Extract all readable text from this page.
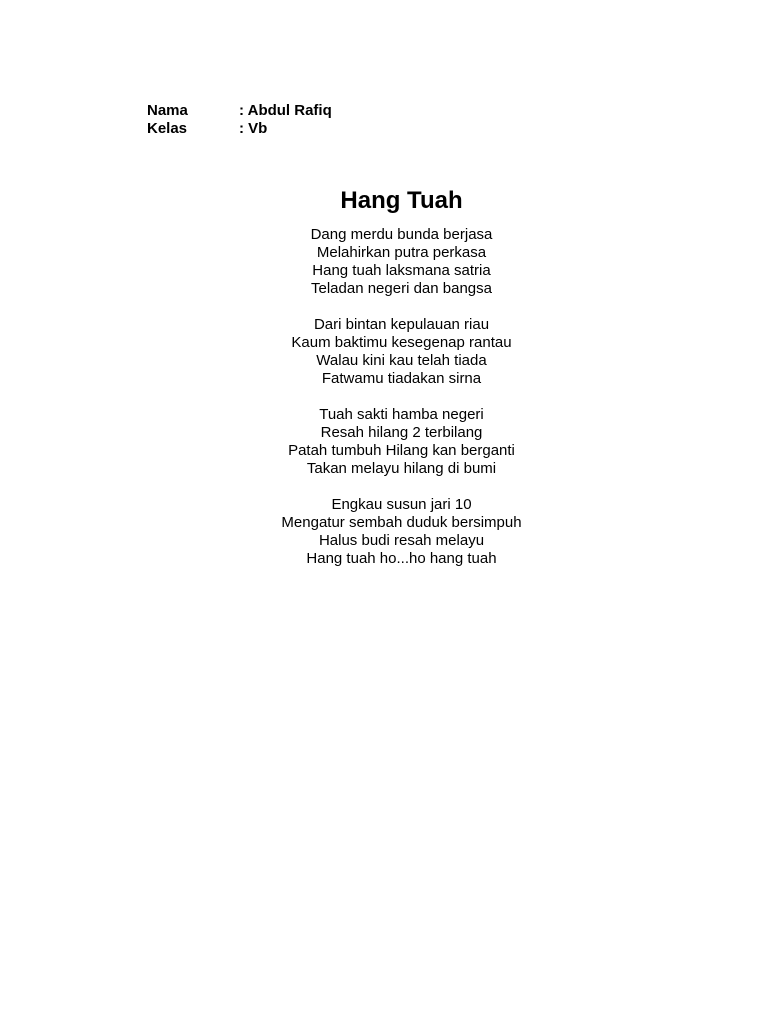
Nama	: Abdul Rafiq
Kelas	: Vb
Hang Tuah
Dang merdu bunda berjasa
Melahirkan putra perkasa
Hang tuah laksmana satria
Teladan negeri dan bangsa
Dari bintan kepulauan riau
Kaum baktimu kesegenap rantau
Walau kini kau telah tiada
Fatwamu tiadakan sirna
Tuah sakti hamba negeri
Resah hilang 2 terbilang
Patah tumbuh Hilang kan berganti
Takan melayu hilang di bumi
Engkau susun jari 10
Mengatur sembah duduk bersimpuh
Halus budi resah melayu
Hang tuah ho...ho hang tuah
